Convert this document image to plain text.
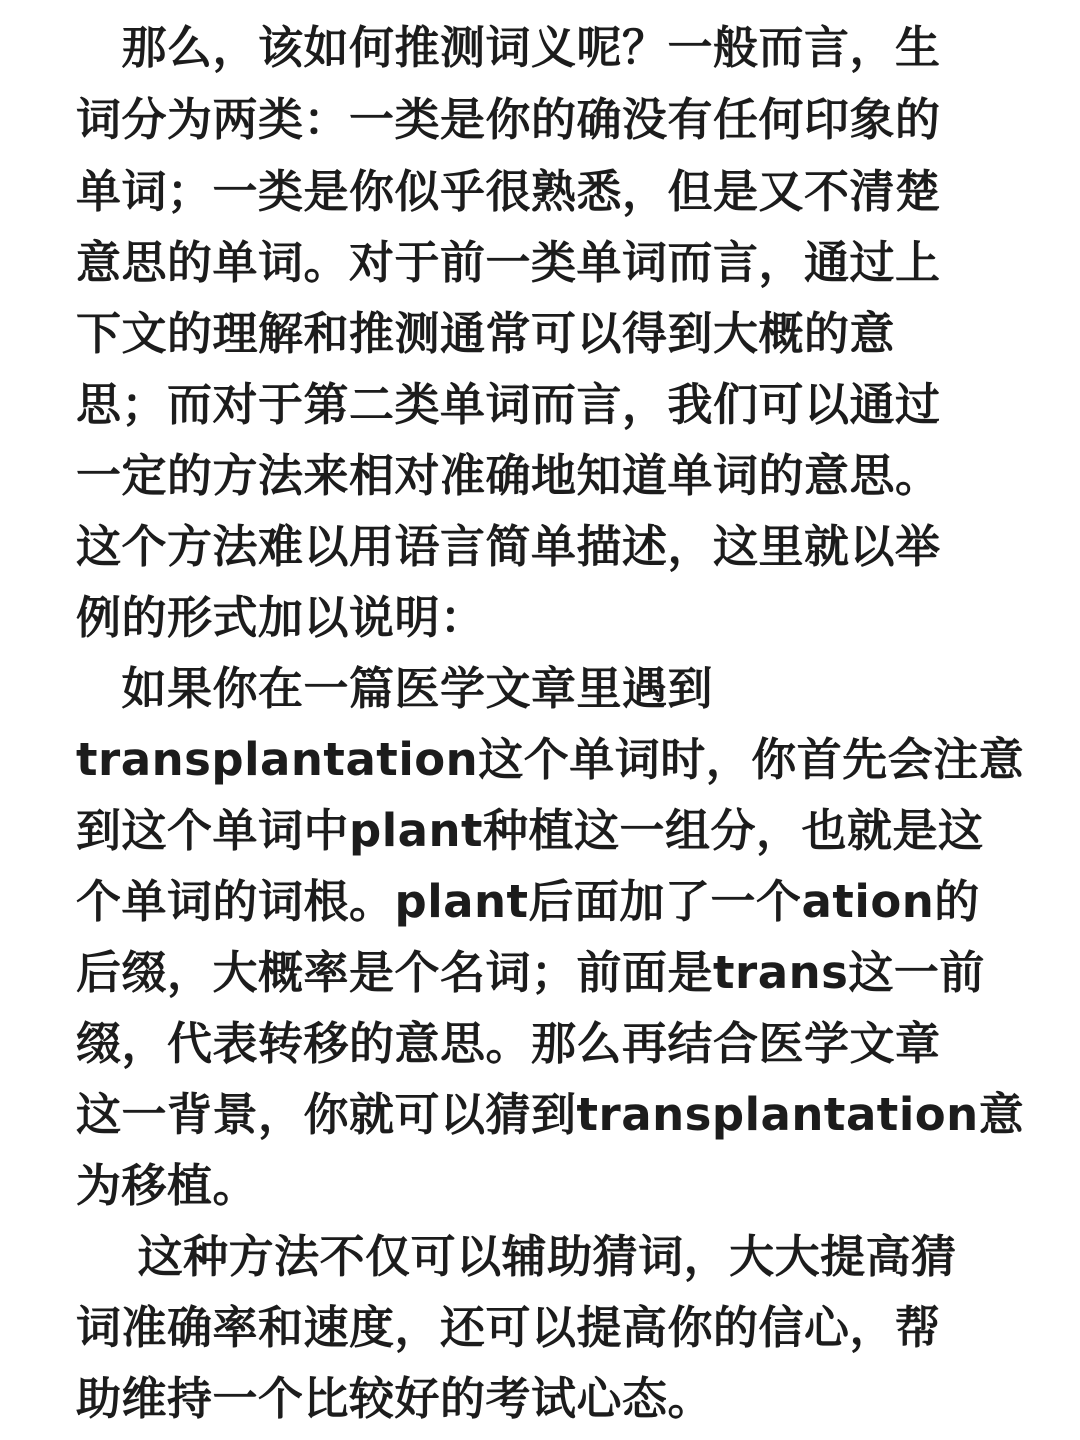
　那么，该如何推测词义呢？一般而言，生
词分为两类：一类是你的确没有任何印象的
单词；一类是你似乎很熟悉，但是又不清楚
意思的单词。对于前一类单词而言，通过上
下文的理解和推测通常可以得到大概的意
思；而对于第二类单词而言，我们可以通过
一定的方法来相对准确地知道单词的意思。
这个方法难以用语言简单描述，这里就以举
例的形式加以说明：
　如果你在一篇医学文章里遇到
transplantation这个单词时，你首先会注意
到这个单词中plant种植这一组分，也就是这
个单词的词根。plant后面加了一个ation的
后缀，大概率是个名词；前面是trans这一前
缀，代表转移的意思。那么再结合医学文章
这一背景，你就可以猜到transplantation意
为移植。
　 这种方法不仅可以辅助猜词，大大提高猜
词准确率和速度，还可以提高你的信心，帮
助维持一个比较好的考试心态。
